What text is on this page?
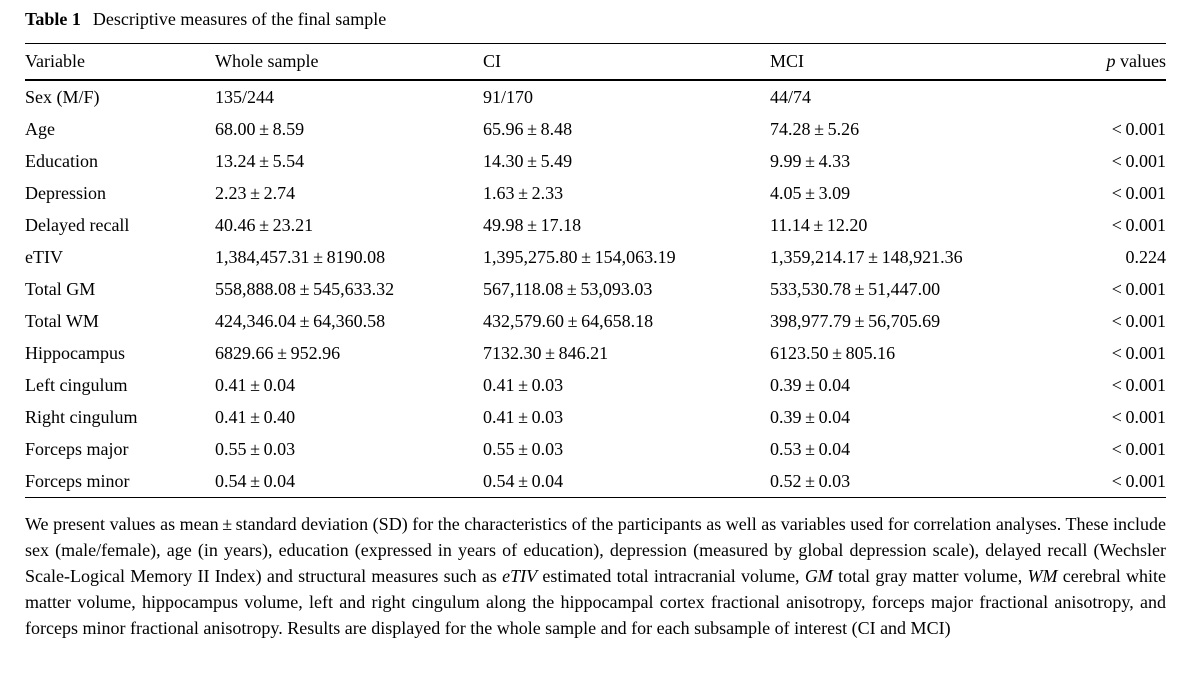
Table 1 Descriptive measures of the final sample
Variable	Whole sample	CI	MCI	p values
Sex (M/F)	135/244	91/170	44/74	
Age	68.00 ± 8.59	65.96 ± 8.48	74.28 ± 5.26	< 0.001
Education	13.24 ± 5.54	14.30 ± 5.49	9.99 ± 4.33	< 0.001
Depression	2.23 ± 2.74	1.63 ± 2.33	4.05 ± 3.09	< 0.001
Delayed recall	40.46 ± 23.21	49.98 ± 17.18	11.14 ± 12.20	< 0.001
eTIV	1,384,457.31 ± 8190.08	1,395,275.80 ± 154,063.19	1,359,214.17 ± 148,921.36	0.224
Total GM	558,888.08 ± 545,633.32	567,118.08 ± 53,093.03	533,530.78 ± 51,447.00	< 0.001
Total WM	424,346.04 ± 64,360.58	432,579.60 ± 64,658.18	398,977.79 ± 56,705.69	< 0.001
Hippocampus	6829.66 ± 952.96	7132.30 ± 846.21	6123.50 ± 805.16	< 0.001
Left cingulum	0.41 ± 0.04	0.41 ± 0.03	0.39 ± 0.04	< 0.001
Right cingulum	0.41 ± 0.40	0.41 ± 0.03	0.39 ± 0.04	< 0.001
Forceps major	0.55 ± 0.03	0.55 ± 0.03	0.53 ± 0.04	< 0.001
Forceps minor	0.54 ± 0.04	0.54 ± 0.04	0.52 ± 0.03	< 0.001
We present values as mean ± standard deviation (SD) for the characteristics of the participants as well as variables used for correlation analyses. These include sex (male/female), age (in years), education (expressed in years of education), depression (measured by global depression scale), delayed recall (Wechsler Scale-Logical Memory II Index) and structural measures such as eTIV estimated total intracranial volume, GM total gray matter volume, WM cerebral white matter volume, hippocampus volume, left and right cingulum along the hippocampal cortex fractional anisotropy, forceps major fractional anisotropy, and forceps minor fractional anisotropy. Results are displayed for the whole sample and for each subsample of interest (CI and MCI)
